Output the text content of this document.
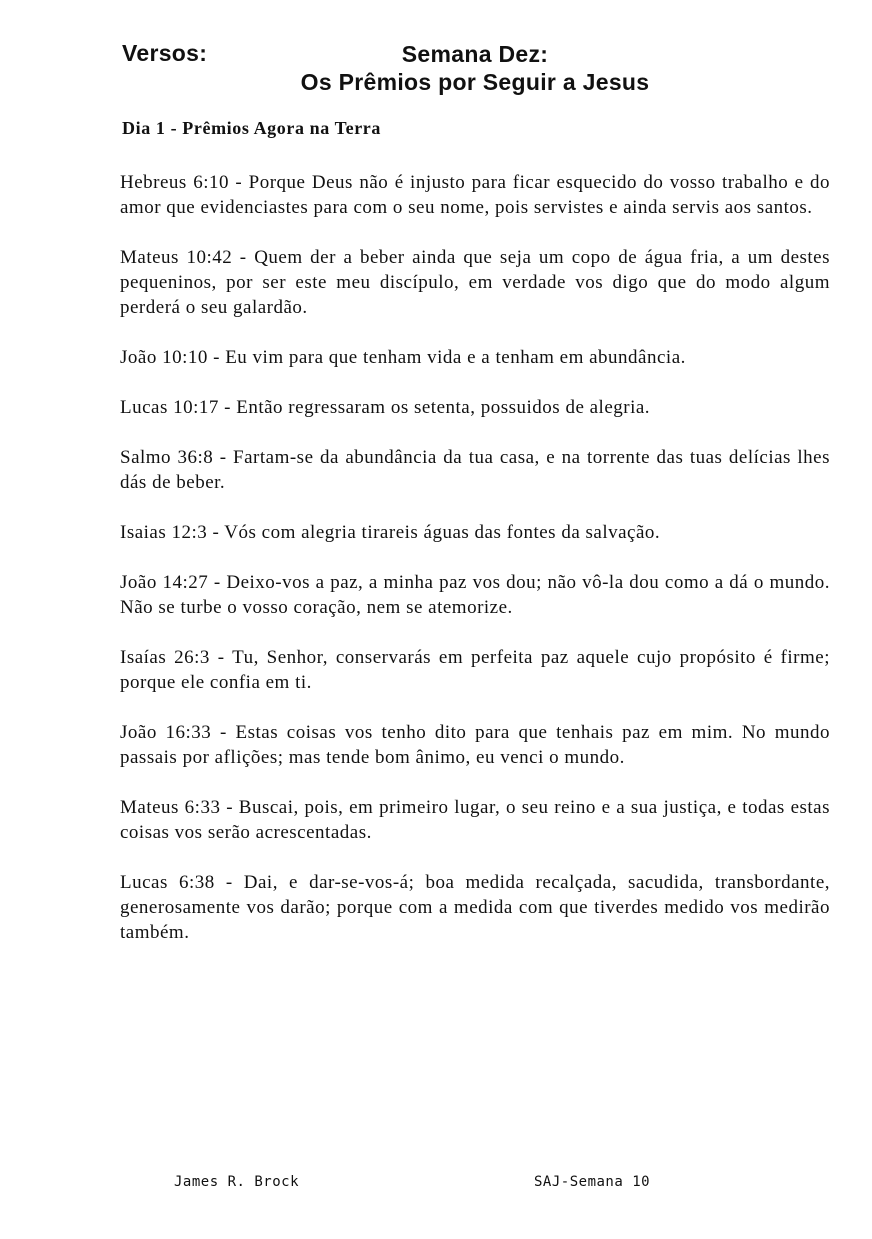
Versos:	Semana Dez:
Os Prêmios por Seguir a Jesus
Dia 1 - Prêmios Agora na Terra

Hebreus 6:10 - Porque Deus não é injusto para ficar esquecido do vosso trabalho e do amor que evidenciastes para com o seu nome, pois servistes e ainda servis aos santos.

Mateus 10:42 - Quem der a beber ainda que seja um copo de água fria, a um destes pequeninos, por ser este meu discípulo, em verdade vos digo que do modo algum perderá o seu galardão.

João 10:10 - Eu vim para que tenham vida e a tenham em abundância.

Lucas 10:17 - Então regressaram os setenta, possuidos de alegria.

Salmo 36:8 - Fartam-se da abundância da tua casa, e na torrente das tuas delícias lhes dás de beber.

Isaias 12:3 - Vós com alegria tirareis águas das fontes da salvação.

João 14:27 - Deixo-vos a paz, a minha paz vos dou; não vô-la dou como a dá o mundo. Não se turbe o vosso coração, nem se atemorize.

Isaías 26:3 - Tu, Senhor, conservarás em perfeita paz aquele cujo propósito é firme; porque ele confia em ti.

João 16:33 - Estas coisas vos tenho dito para que tenhais paz em mim. No mundo passais por aflições; mas tende bom ânimo, eu venci o mundo.

Mateus 6:33 - Buscai, pois, em primeiro lugar, o seu reino e a sua justiça, e todas estas coisas vos serão acrescentadas.

Lucas 6:38 - Dai, e dar-se-vos-á; boa medida recalçada, sacudida, transbordante, generosamente vos darão; porque com a medida com que tiverdes medido vos medirão também.

James R. Brock	SAJ-Semana 10
